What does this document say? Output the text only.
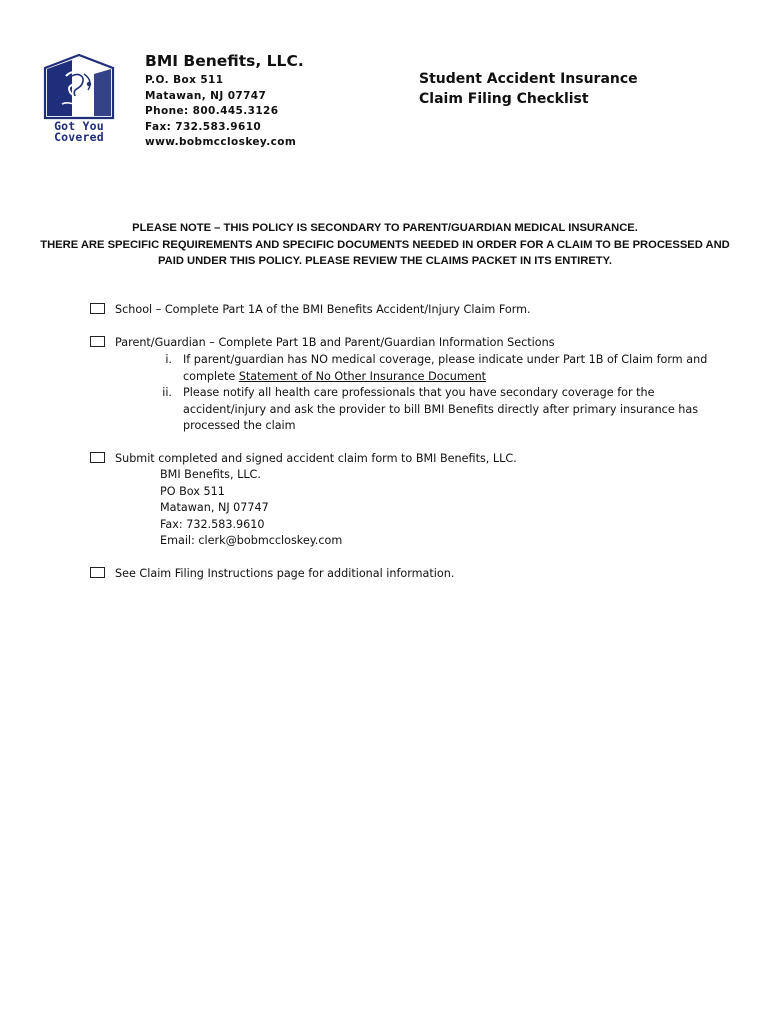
Got You
Covered
BMI Benefits, LLC.
P.O. Box 511
Matawan, NJ 07747
Phone: 800.445.3126
Fax: 732.583.9610
www.bobmccloskey.com
Student Accident Insurance
Claim Filing Checklist
PLEASE NOTE – THIS POLICY IS SECONDARY TO PARENT/GUARDIAN MEDICAL INSURANCE.
THERE ARE SPECIFIC REQUIREMENTS AND SPECIFIC DOCUMENTS NEEDED IN ORDER FOR A CLAIM TO BE PROCESSED AND
PAID UNDER THIS POLICY. PLEASE REVIEW THE CLAIMS PACKET IN ITS ENTIRETY.
School – Complete Part 1A of the BMI Benefits Accident/Injury Claim Form.
Parent/Guardian – Complete Part 1B and Parent/Guardian Information Sections
i. If parent/guardian has NO medical coverage, please indicate under Part 1B of Claim form and
complete Statement of No Other Insurance Document
ii. Please notify all health care professionals that you have secondary coverage for the
accident/injury and ask the provider to bill BMI Benefits directly after primary insurance has
processed the claim
Submit completed and signed accident claim form to BMI Benefits, LLC.
BMI Benefits, LLC.
PO Box 511
Matawan, NJ 07747
Fax: 732.583.9610
Email: clerk@bobmccloskey.com
See Claim Filing Instructions page for additional information.
